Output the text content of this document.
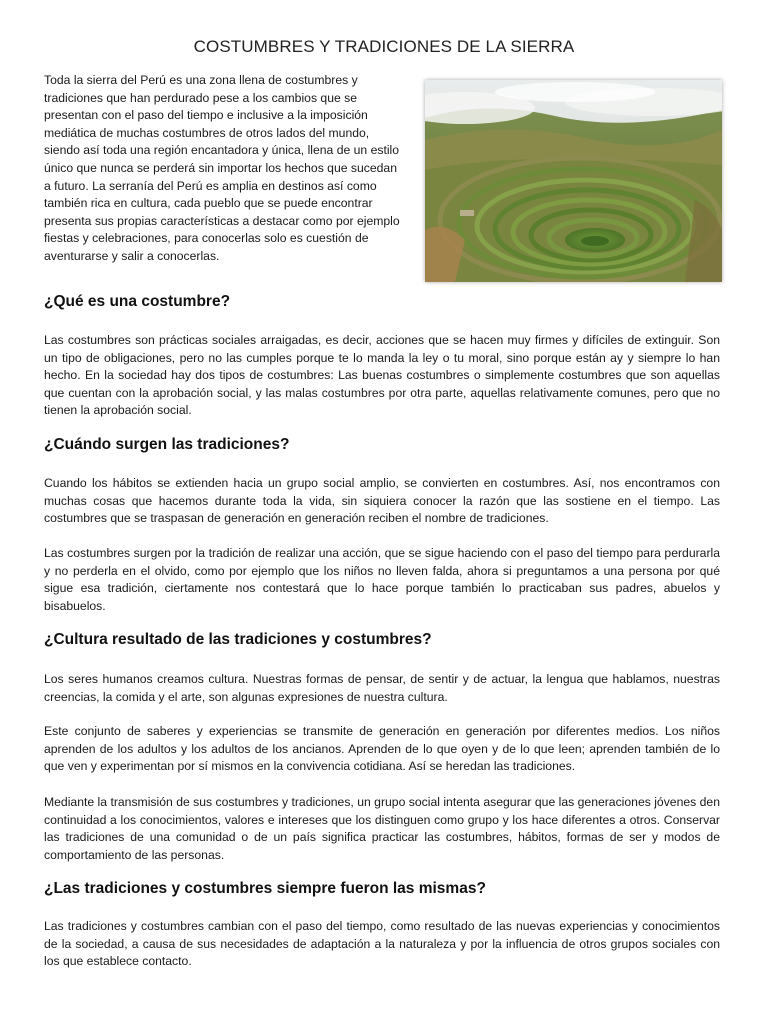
COSTUMBRES Y TRADICIONES DE LA SIERRA

Toda la sierra del Perú es una zona llena de costumbres y tradiciones que han perdurado pese a los cambios que se presentan con el paso del tiempo e inclusive a la imposición mediática de muchas costumbres de otros lados del mundo, siendo así toda una región encantadora y única, llena de un estilo único que nunca se perderá sin importar los hechos que sucedan a futuro. La serranía del Perú es amplia en destinos así como también rica en cultura, cada pueblo que se puede encontrar presenta sus propias características a destacar como por ejemplo fiestas y celebraciones, para conocerlas solo es cuestión de aventurarse y salir a conocerlas.

¿Qué es una costumbre?

Las costumbres son prácticas sociales arraigadas, es decir, acciones que se hacen muy firmes y difíciles de extinguir. Son un tipo de obligaciones, pero no las cumples porque te lo manda la ley o tu moral, sino porque están ay y siempre lo han hecho. En la sociedad hay dos tipos de costumbres: Las buenas costumbres o simplemente costumbres que son aquellas que cuentan con la aprobación social, y las malas costumbres por otra parte, aquellas relativamente comunes, pero que no tienen la aprobación social.

¿Cuándo surgen las tradiciones?

Cuando los hábitos se extienden hacia un grupo social amplio, se convierten en costumbres. Así, nos encontramos con muchas cosas que hacemos durante toda la vida, sin siquiera conocer la razón que las sostiene en el tiempo. Las costumbres que se traspasan de generación en generación reciben el nombre de tradiciones.

Las costumbres surgen por la tradición de realizar una acción, que se sigue haciendo con el paso del tiempo para perdurarla y no perderla en el olvido, como por ejemplo que los niños no lleven falda, ahora si preguntamos a una persona por qué sigue esa tradición, ciertamente nos contestará que lo hace porque también lo practicaban sus padres, abuelos y bisabuelos.

¿Cultura resultado de las tradiciones y costumbres?

Los seres humanos creamos cultura. Nuestras formas de pensar, de sentir y de actuar, la lengua que hablamos, nuestras creencias, la comida y el arte, son algunas expresiones de nuestra cultura.

Este conjunto de saberes y experiencias se transmite de generación en generación por diferentes medios. Los niños aprenden de los adultos y los adultos de los ancianos. Aprenden de lo que oyen y de lo que leen; aprenden también de lo que ven y experimentan por sí mismos en la convivencia cotidiana. Así se heredan las tradiciones.

Mediante la transmisión de sus costumbres y tradiciones, un grupo social intenta asegurar que las generaciones jóvenes den continuidad a los conocimientos, valores e intereses que los distinguen como grupo y los hace diferentes a otros. Conservar las tradiciones de una comunidad o de un país significa practicar las costumbres, hábitos, formas de ser y modos de comportamiento de las personas.

¿Las tradiciones y costumbres siempre fueron las mismas?

Las tradiciones y costumbres cambian con el paso del tiempo, como resultado de las nuevas experiencias y conocimientos de la sociedad, a causa de sus necesidades de adaptación a la naturaleza y por la influencia de otros grupos sociales con los que establece contacto.
